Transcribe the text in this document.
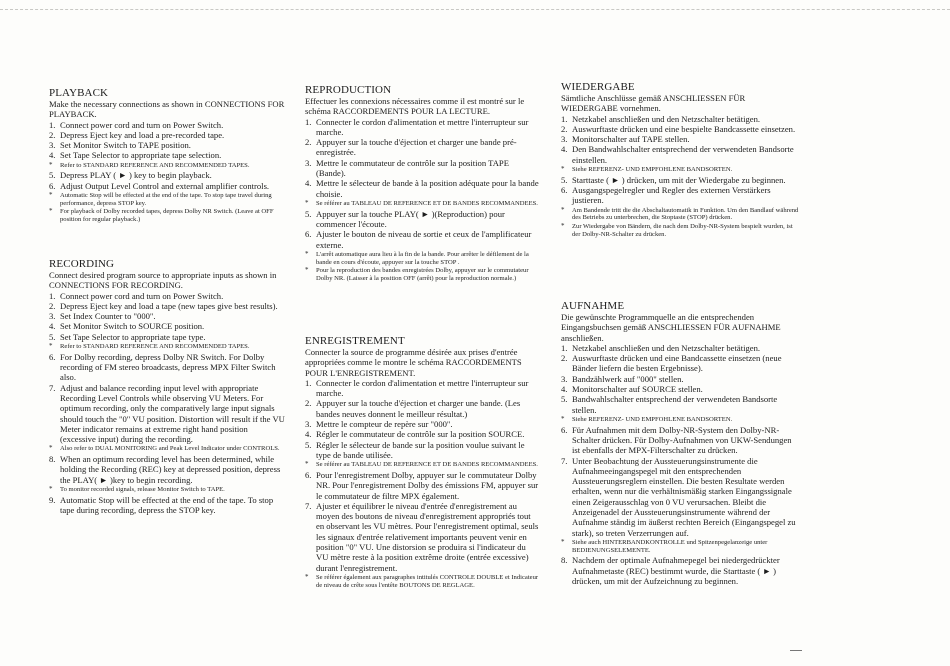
PLAYBACK

Make the necessary connections as shown in CONNECTIONS FOR PLAYBACK.

1. Connect power cord and turn on Power Switch.
2. Depress Eject key and load a pre-recorded tape.
3. Set Monitor Switch to TAPE position.
4. Set Tape Selector to appropriate tape selection.
* Refer to STANDARD REFERENCE AND RECOMMENDED TAPES.
5. Depress PLAY ( ► ) key to begin playback.
6. Adjust Output Level Control and external amplifier controls.
* Automatic Stop will be effected at the end of the tape. To stop tape travel during performance, depress STOP key.
* For playback of Dolby recorded tapes, depress Dolby NR Switch. (Leave at OFF position for regular playback.)
RECORDING

Connect desired program source to appropriate inputs as shown in CONNECTIONS FOR RECORDING.

1. Connect power cord and turn on Power Switch.
2. Depress Eject key and load a tape (new tapes give best results).
3. Set Index Counter to "000".
4. Set Monitor Switch to SOURCE position.
5. Set Tape Selector to appropriate tape type.
* Refer to STANDARD REFERENCE AND RECOMMENDED TAPES.
6. For Dolby recording, depress Dolby NR Switch. For Dolby recording of FM stereo broadcasts, depress MPX Filter Switch also.
7. Adjust and balance recording input level with appropriate Recording Level Controls while observing VU Meters. For optimum recording, only the comparatively large input signals should touch the "0" VU position. Distortion will result if the VU Meter indicator remains at extreme right hand position (excessive input) during the recording.
* Also refer to DUAL MONITORING and Peak Level Indicator under CONTROLS.
8. When an optimum recording level has been determined, while holding the Recording (REC) key at depressed position, depress the PLAY( ► )key to begin recording.
* To monitor recorded signals, release Monitor Switch to TAPE.
9. Automatic Stop will be effected at the end of the tape. To stop tape during recording, depress the STOP key.
REPRODUCTION

Effectuer les connexions nécessaires comme il est montré sur le schéma RACCORDEMENTS POUR LA LECTURE.

1. Connecter le cordon d'alimentation et mettre l'interrupteur sur marche.
2. Appuyer sur la touche d'éjection et charger une bande pré-enregistrée.
3. Mettre le commutateur de contrôle sur la position TAPE (Bande).
4. Mettre le sélecteur de bande à la position adéquate pour la bande choisie.
* Se référer au TABLEAU DE REFERENCE ET DE BANDES RECOMMANDEES.
5. Appuyer sur la touche PLAY( ► )(Reproduction) pour commencer l'écoute.
6. Ajuster le bouton de niveau de sortie et ceux de l'amplificateur externe.
* L'arrêt automatique aura lieu à la fin de la bande. Pour arrêter le défilement de la bande en cours d'écoute, appuyer sur la touche STOP .
* Pour la reproduction des bandes enregistrées Dolby, appuyer sur le commutateur Dolby NR. (Laisser à la position OFF (arrêt) pour la reproduction normale.)
ENREGISTREMENT

Connecter la source de programme désirée aux prises d'entrée appropriées comme le montre le schéma RACCORDEMENTS POUR L'ENREGISTREMENT.

1. Connecter le cordon d'alimentation et mettre l'interrupteur sur marche.
2. Appuyer sur la touche d'éjection et charger une bande. (Les bandes neuves donnent le meilleur résultat.)
3. Mettre le compteur de repère sur "000".
4. Régler le commutateur de contrôle sur la position SOURCE.
5. Régler le sélecteur de bande sur la position voulue suivant le type de bande utilisée.
* Se référer au TABLEAU DE REFERENCE ET DE BANDES RECOMMANDEES.
6. Pour l'enregistrement Dolby, appuyer sur le commutateur Dolby NR. Pour l'enregistrement Dolby des émissions FM, appuyer sur le commutateur de filtre MPX également.
7. Ajuster et équilibrer le niveau d'entrée d'enregistrement au moyen des boutons de niveau d'enregistrement appropriés tout en observant les VU mètres. Pour l'enregistrement optimal, seuls les signaux d'entrée relativement importants peuvent venir en position "0" VU. Une distorsion se produira si l'indicateur du VU mètre reste à la position extrême droite (entrée excessive) durant l'enregistrement.
* Se référer également aux paragraphes intitulés CONTROLE DOUBLE et Indicateur de niveau de crête sous l'entête BOUTONS DE REGLAGE.
WIEDERGABE

Sämtliche Anschlüsse gemäß ANSCHLIESSEN FÜR WIEDERGABE vornehmen.

1. Netzkabel anschließen und den Netzschalter betätigen.
2. Auswurftaste drücken und eine bespielte Bandcassette einsetzen.
3. Monitorschalter auf TAPE stellen.
4. Den Bandwahlschalter entsprechend der verwendeten Bandsorte einstellen.
* Siehe REFERENZ- UND EMPFOHLENE BANDSORTEN.
5. Starttaste ( ► ) drücken, um mit der Wiedergabe zu beginnen.
6. Ausgangspegelregler und Regler des externen Verstärkers justieren.
* Am Bandende tritt die die Abschaltautomatik in Funktion. Um den Bandlauf während des Betriebs zu unterbrechen, die Stoptaste (STOP) drücken.
* Zur Wiedergabe von Bändern, die nach dem Dolby-NR-System bespielt wurden, ist der Dolby-NR-Schalter zu drücken.
AUFNAHME

Die gewünschte Programmquelle an die entsprechenden Eingangsbuchsen gemäß ANSCHLIESSEN FÜR AUFNAHME anschließen.

1. Netzkabel anschließen und den Netzschalter betätigen.
2. Auswurftaste drücken und eine Bandcassette einsetzen (neue Bänder liefern die besten Ergebnisse).
3. Bandzählwerk auf "000" stellen.
4. Monitorschalter auf SOURCE stellen.
5. Bandwahlschalter entsprechend der verwendeten Bandsorte stellen.
* Siehe REFERENZ- UND EMPFOHLENE BANDSORTEN.
6. Für Aufnahmen mit dem Dolby-NR-System den Dolby-NR-Schalter drücken. Für Dolby-Aufnahmen von UKW-Sendungen ist ebenfalls der MPX-Filterschalter zu drücken.
7. Unter Beobachtung der Aussteuerungsinstrumente die Aufnahmeeingangspegel mit den entsprechenden Aussteuerungsreglern einstellen. Die besten Resultate werden erhalten, wenn nur die verhältnismäßig starken Eingangssignale einen Zeigerausschlag von 0 VU verursachen. Bleibt die Anzeigenadel der Aussteuerungsinstrumente während der Aufnahme ständig im äußerst rechten Bereich (Eingangspegel zu stark), so treten Verzerrungen auf.
* Siehe auch HINTERBANDKONTROLLE und Spitzenpegelanzeige unter BEDIENUNGSELEMENTE.
8. Nachdem der optimale Aufnahmepegel bei niedergedrückter Aufnahmetaste (REC) bestimmt wurde, die Starttaste ( ► ) drücken, um mit der Aufzeichnung zu beginnen.
